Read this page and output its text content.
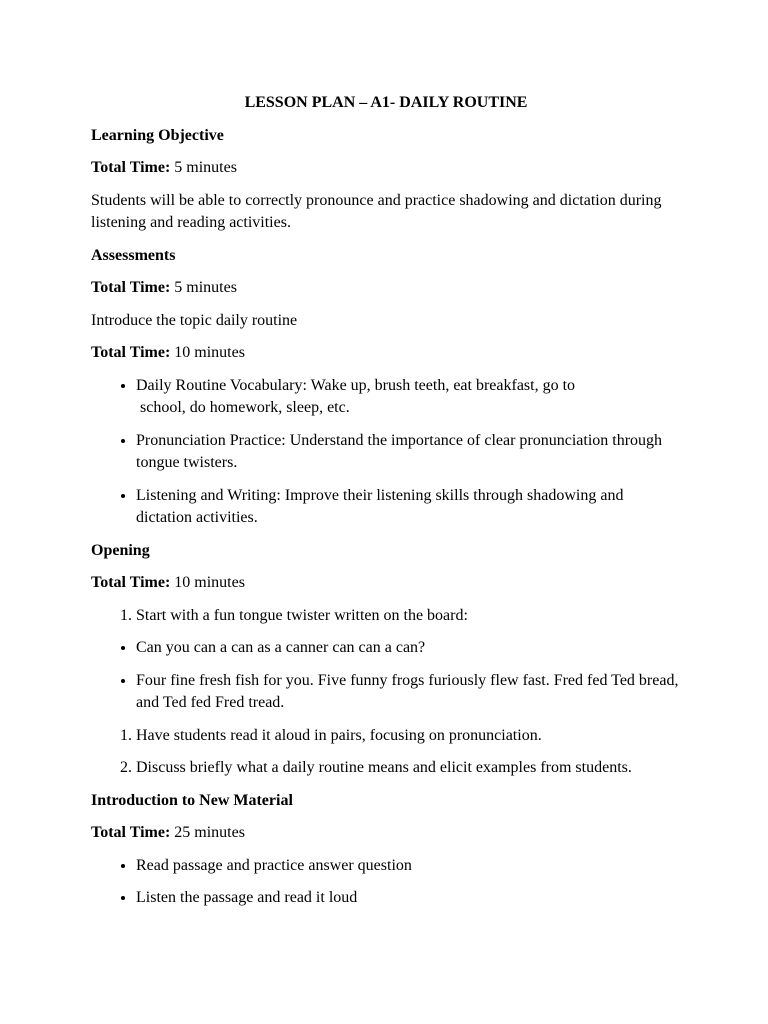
LESSON PLAN – A1- DAILY ROUTINE

Learning Objective

Total Time: 5 minutes

Students will be able to correctly pronounce and practice shadowing and dictation during listening and reading activities.

Assessments

Total Time: 5 minutes

Introduce the topic daily routine

Total Time: 10 minutes

• Daily Routine Vocabulary: Wake up, brush teeth, eat breakfast, go to
school, do homework, sleep, etc.
• Pronunciation Practice: Understand the importance of clear pronunciation through tongue twisters.
• Listening and Writing: Improve their listening skills through shadowing and dictation activities.

Opening

Total Time: 10 minutes

1. Start with a fun tongue twister written on the board:
• Can you can a can as a canner can can a can?
• Four fine fresh fish for you. Five funny frogs furiously flew fast. Fred fed Ted bread, and Ted fed Fred tread.
1. Have students read it aloud in pairs, focusing on pronunciation.
2. Discuss briefly what a daily routine means and elicit examples from students.

Introduction to New Material

Total Time: 25 minutes

• Read passage and practice answer question
• Listen the passage and read it loud
